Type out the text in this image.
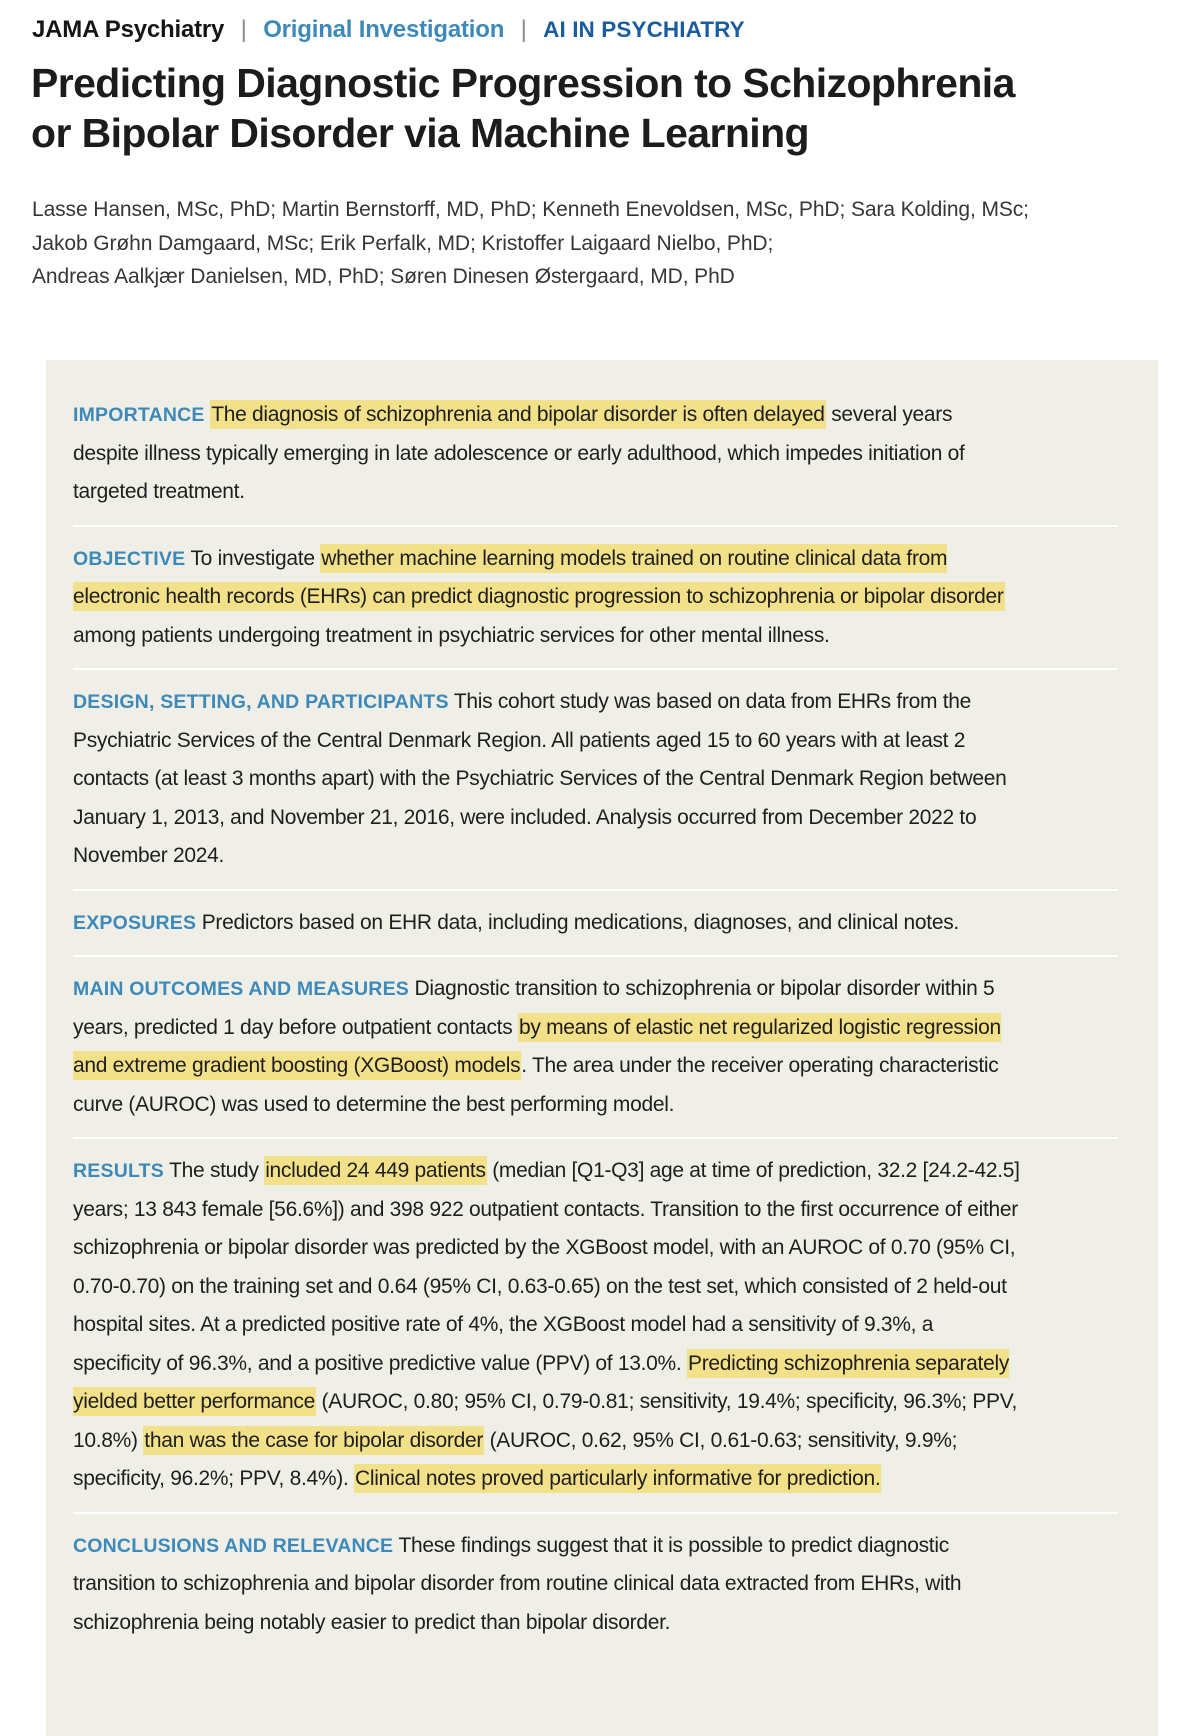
JAMA Psychiatry | Original Investigation | AI IN PSYCHIATRY
Predicting Diagnostic Progression to Schizophrenia
or Bipolar Disorder via Machine Learning
Lasse Hansen, MSc, PhD; Martin Bernstorff, MD, PhD; Kenneth Enevoldsen, MSc, PhD; Sara Kolding, MSc;
Jakob Grøhn Damgaard, MSc; Erik Perfalk, MD; Kristoffer Laigaard Nielbo, PhD;
Andreas Aalkjær Danielsen, MD, PhD; Søren Dinesen Østergaard, MD, PhD

IMPORTANCE The diagnosis of schizophrenia and bipolar disorder is often delayed several years despite illness typically emerging in late adolescence or early adulthood, which impedes initiation of targeted treatment.

OBJECTIVE To investigate whether machine learning models trained on routine clinical data from electronic health records (EHRs) can predict diagnostic progression to schizophrenia or bipolar disorder among patients undergoing treatment in psychiatric services for other mental illness.

DESIGN, SETTING, AND PARTICIPANTS This cohort study was based on data from EHRs from the Psychiatric Services of the Central Denmark Region. All patients aged 15 to 60 years with at least 2 contacts (at least 3 months apart) with the Psychiatric Services of the Central Denmark Region between January 1, 2013, and November 21, 2016, were included. Analysis occurred from December 2022 to November 2024.

EXPOSURES Predictors based on EHR data, including medications, diagnoses, and clinical notes.

MAIN OUTCOMES AND MEASURES Diagnostic transition to schizophrenia or bipolar disorder within 5 years, predicted 1 day before outpatient contacts by means of elastic net regularized logistic regression and extreme gradient boosting (XGBoost) models. The area under the receiver operating characteristic curve (AUROC) was used to determine the best performing model.

RESULTS The study included 24 449 patients (median [Q1-Q3] age at time of prediction, 32.2 [24.2-42.5] years; 13 843 female [56.6%]) and 398 922 outpatient contacts. Transition to the first occurrence of either schizophrenia or bipolar disorder was predicted by the XGBoost model, with an AUROC of 0.70 (95% CI, 0.70-0.70) on the training set and 0.64 (95% CI, 0.63-0.65) on the test set, which consisted of 2 held-out hospital sites. At a predicted positive rate of 4%, the XGBoost model had a sensitivity of 9.3%, a specificity of 96.3%, and a positive predictive value (PPV) of 13.0%. Predicting schizophrenia separately yielded better performance (AUROC, 0.80; 95% CI, 0.79-0.81; sensitivity, 19.4%; specificity, 96.3%; PPV, 10.8%) than was the case for bipolar disorder (AUROC, 0.62, 95% CI, 0.61-0.63; sensitivity, 9.9%; specificity, 96.2%; PPV, 8.4%). Clinical notes proved particularly informative for prediction.

CONCLUSIONS AND RELEVANCE These findings suggest that it is possible to predict diagnostic transition to schizophrenia and bipolar disorder from routine clinical data extracted from EHRs, with schizophrenia being notably easier to predict than bipolar disorder.
